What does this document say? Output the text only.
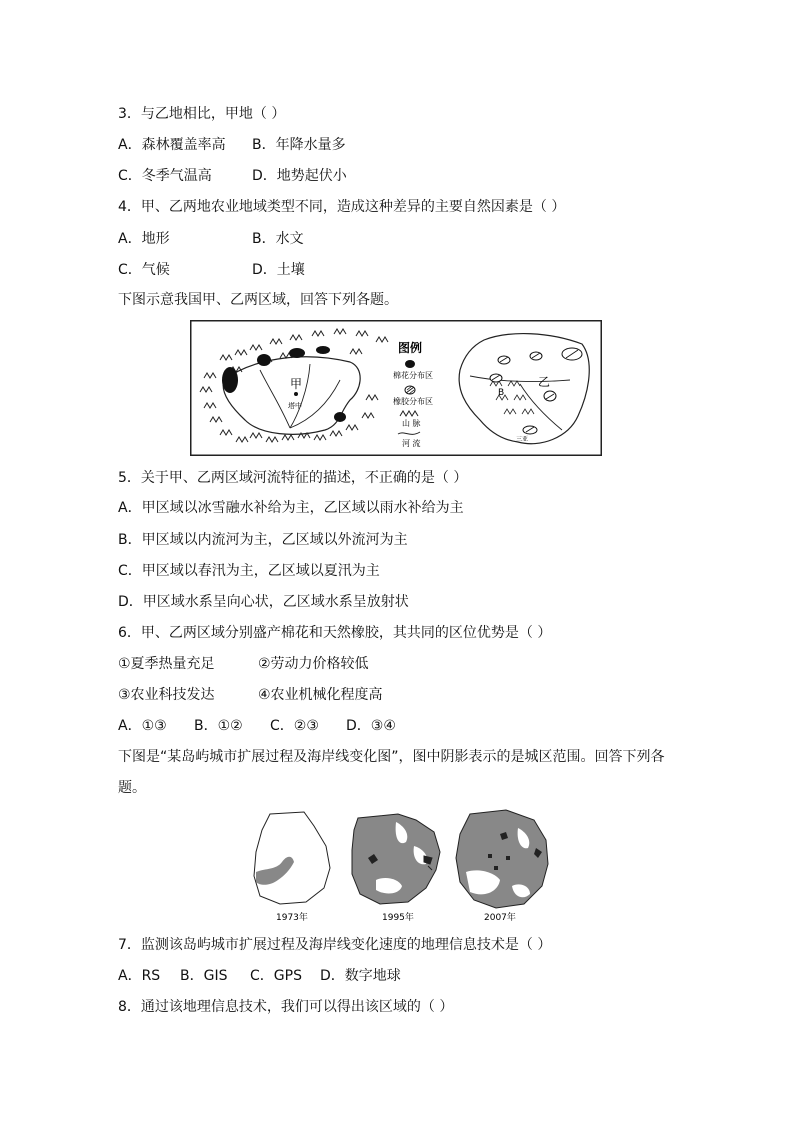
3．与乙地相比，甲地（ ）
A．森林覆盖率高 B．年降水量多
C．冬季气温高	D．地势起伏小
4．甲、乙两地农业地域类型不同，造成这种差异的主要自然因素是（ ）
A．地形	B．水文
C．气候	D．土壤
下图示意我国甲、乙两区域，回答下列各题。
甲
塔中
图例
棉花分布区
橡胶分布区
山 脉
河 流
B
乙
三亚
5．关于甲、乙两区域河流特征的描述，不正确的是（ ）
A．甲区域以冰雪融水补给为主，乙区域以雨水补给为主
B．甲区域以内流河为主，乙区域以外流河为主
C．甲区域以春汛为主，乙区域以夏汛为主
D．甲区域水系呈向心状，乙区域水系呈放射状
6．甲、乙两区域分别盛产棉花和天然橡胶，其共同的区位优势是（ ）
①夏季热量充足	②劳动力价格较低
③农业科技发达	④农业机械化程度高
A．①③ B．①② C．②③ D．③④
下图是“某岛屿城市扩展过程及海岸线变化图”，图中阴影表示的是城区范围。回答下列各
题。
1973年	1995年	2007年
7．监测该岛屿城市扩展过程及海岸线变化速度的地理信息技术是（ ）
A．RS B．GIS C．GPS D．数字地球
8．通过该地理信息技术，我们可以得出该区域的（ ）
